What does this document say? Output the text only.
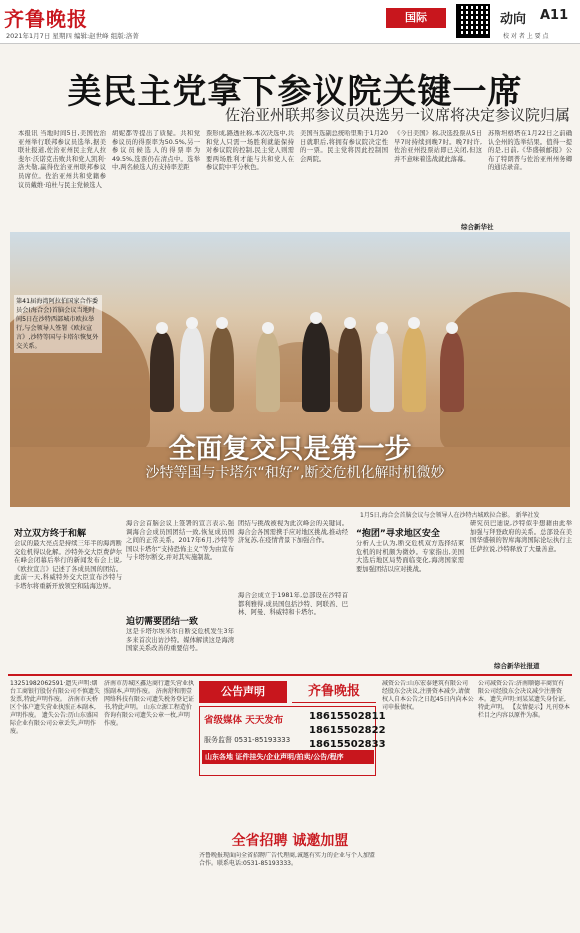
齐鲁晚报
2021年1月7日 星期四 编辑:赵世峰 组版:洛菁
国际	动向 A11
校 对 者 上 要 点
美民主党拿下参议院关键一席
佐治亚州联邦参议员决选另一议席将决定参议院归属
本报讯 当地时间5日,美国佐治亚州举行联邦参议员选举,据美联社报道,佐治亚州民主党人拉斐尔·沃诺克击败共和党人凯利·洛夫勒,赢得佐治亚州联邦参议员席位。佐治亚州共和党籍参议员戴维·珀杜与民主党候选人
胡妮都等提出了质疑。共和党参议员的得票率为50.5%,另一参议员候选人的得票率为49.5%,选票仍在清点中。选举中,两名候选人的支持率差距
票形成,路透社称,本次决选中,共和党人只需一场胜利就能保持对参议院的控制,民主党人则需要两场胜利才能与共和党人在参议院中平分秋色。
美国当选副总统哈里斯于1月20日就职后,将拥有参议院决定性的一票。民主党将因此控制国会两院。
《今日美国》称,决选投票从5日早7时持续到晚7时。晚7时许,佐治亚州投票站即已关闭,但这并不意味着选战就此落幕。
苏斯坦格塔在1月22日之前确认全州的选举结果。值得一提的是,日前,《华盛顿邮报》公布了特朗普与佐治亚州州务卿的通话录音。
综合新华社
第41届海湾阿拉伯国家合作委员会(海合会)首脑会议当地时间5日在沙特西部城市欧拉举行,与会领导人签署《欧拉宣言》,沙特等国与卡塔尔恢复外交关系。
全面复交只是第一步
沙特等国与卡塔尔“和好”,断交危机化解时机微妙
1月5日,海合会首脑会议与会领导人在沙特古城欧拉合影。 新华社发
对立双方终于和解
会议的最大亮点是持续三年半的海湾断交危机得以化解。沙特外交大臣费萨尔在峰会闭幕后举行的新闻发布会上说,《欧拉宣言》记述了各成员国的团结。此前一天,科威特外交大臣宣布沙特与卡塔尔将重新开放领空和陆海边界。
海合会首脑会议上签署的宣言表示,强调海合会成员国团结一致,恢复成员国之间的正常关系。2017年6月,沙特等国以卡塔尔“支持恐怖主义”等为由宣布与卡塔尔断交,并对其实施制裁。
迫切需要团结一致
这是卡塔尔埃米尔自断交危机发生3年多来首次出访沙特。媒体解读这是海湾国家关系改善的重要信号。
团结与挑战被视为此次峰会的关键词。海合会各国需携手应对地区挑战,推动经济复苏,在疫情背景下加强合作。
海合会成立于1981年,总部设在沙特首都利雅得,成员国包括沙特、阿联酋、巴林、阿曼、科威特和卡塔尔。
“抱团”寻求地区安全
分析人士认为,断交危机双方选择结束危机的时机颇为微妙。专家指出,美国大选后地区局势面临变化,海湾国家需要加强团结以应对挑战。
研究员巴迪说,沙特似乎想藉由此举加强与拜登政府的关系。总部设在美国华盛顿的智库海湾国际论坛执行主任萨拉说,沙特释放了大量善意。
综合新华社报道
13251982062591·遗失声明:烟台工商银行股份有限公司不慎遗失发票,特此声明作废。 济南市天桥区个体户遗失营业执照正本副本,声明作废。 遗失公告:历山东盛国际企业有限公司公章丢失,声明作废。
济南市历城区鑫达商行遗失营业执照副本,声明作废。 济南舒和朋壹网络科技有限公司遗失税务登记证书,特此声明。 山东立源工程造价咨询有限公司遗失公章一枚,声明作废。
公告声明	齐鲁晚报
省级媒体 天天发布	18615502811
18615502822
18615502833
服务监督 0531-85193333
山东各地 证件挂失/企业声明/拍卖/公告/程序
全省招聘 诚邀加盟
齐鲁晚报现面向全省招聘广告代理商,诚邀有实力的企业与个人加盟合作。联系电话:0531-85193333。
减资公告:山东宏泰建筑有限公司经股东会决议,注册资本减少,请债权人自本公告之日起45日内向本公司申报债权。
公司减资公告:济南顺德丰商贸有限公司经股东会决议减少注册资本。遗失声明:刘某某遗失身份证,特此声明。 【友情提示】凡刊登本栏目之内容以原件为准。
